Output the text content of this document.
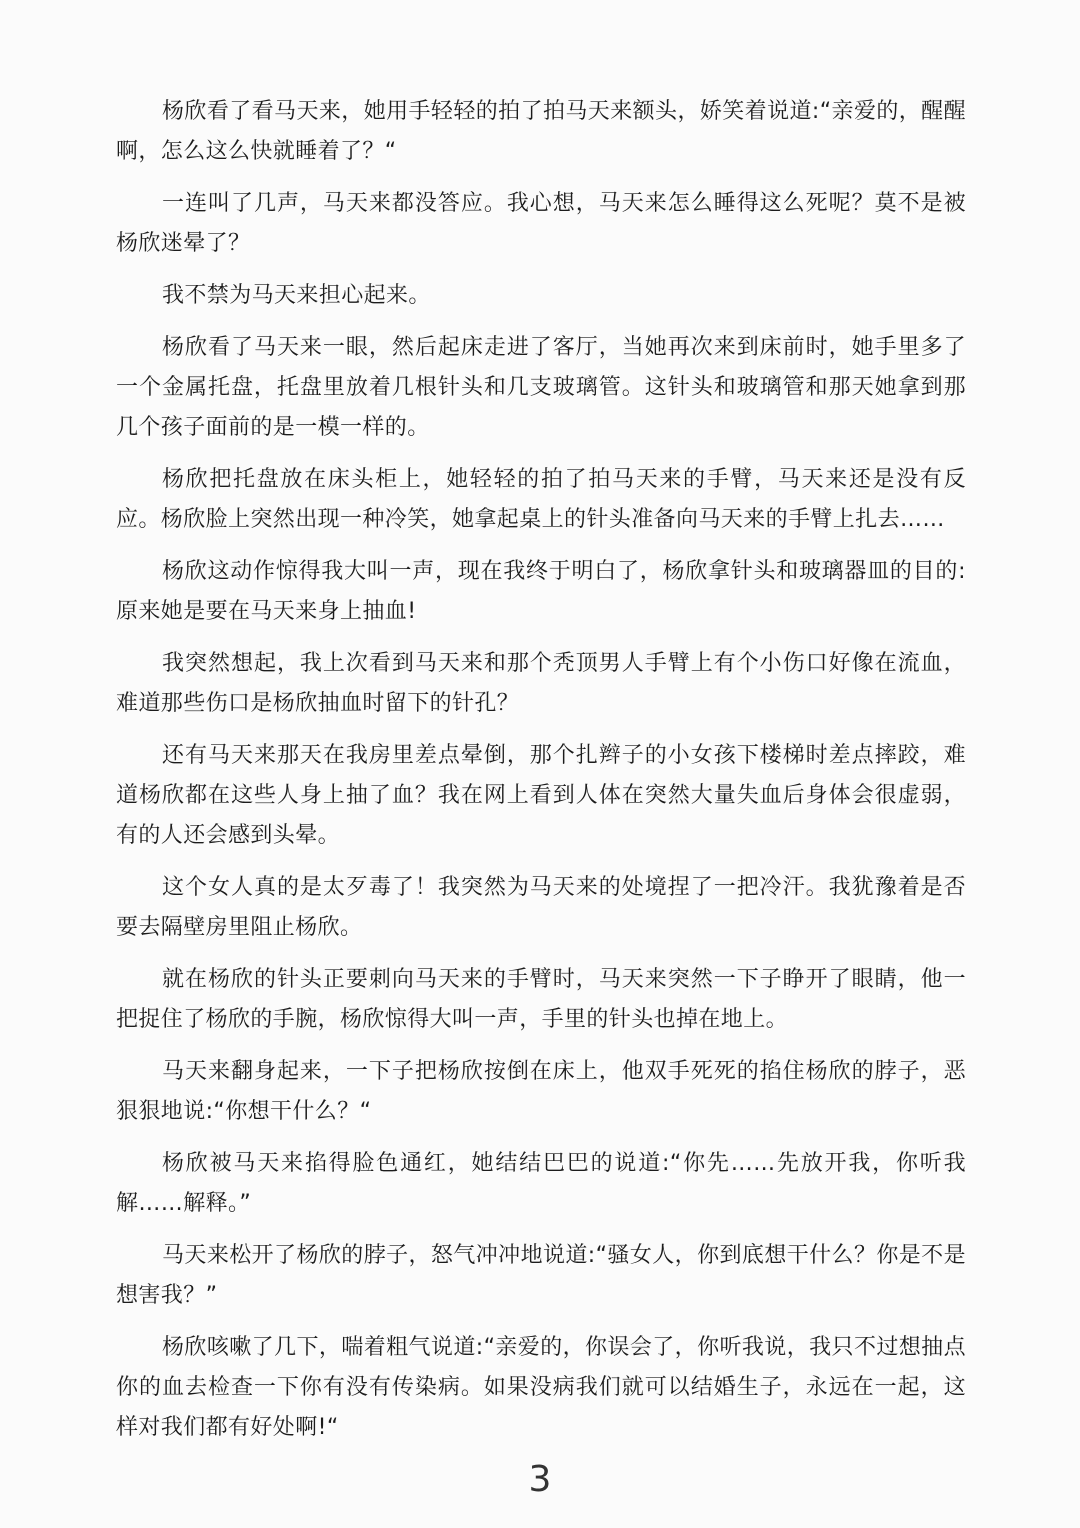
杨欣看了看马天来，她用手轻轻的拍了拍马天来额头，娇笑着说道:“亲爱的，醒醒啊，怎么这么快就睡着了？“

一连叫了几声，马天来都没答应。我心想，马天来怎么睡得这么死呢？莫不是被杨欣迷晕了？

我不禁为马天来担心起来。

杨欣看了马天来一眼，然后起床走进了客厅，当她再次来到床前时，她手里多了一个金属托盘，托盘里放着几根针头和几支玻璃管。这针头和玻璃管和那天她拿到那几个孩子面前的是一模一样的。

杨欣把托盘放在床头柜上，她轻轻的拍了拍马天来的手臂，马天来还是没有反应。杨欣脸上突然出现一种冷笑，她拿起桌上的针头准备向马天来的手臂上扎去……

杨欣这动作惊得我大叫一声，现在我终于明白了，杨欣拿针头和玻璃器皿的目的:原来她是要在马天来身上抽血!

我突然想起，我上次看到马天来和那个秃顶男人手臂上有个小伤口好像在流血，难道那些伤口是杨欣抽血时留下的针孔？

还有马天来那天在我房里差点晕倒，那个扎辫子的小女孩下楼梯时差点摔跤，难道杨欣都在这些人身上抽了血？我在网上看到人体在突然大量失血后身体会很虚弱，有的人还会感到头晕。

这个女人真的是太歹毒了！我突然为马天来的处境捏了一把冷汗。我犹豫着是否要去隔壁房里阻止杨欣。

就在杨欣的针头正要刺向马天来的手臂时，马天来突然一下子睁开了眼睛，他一把捉住了杨欣的手腕，杨欣惊得大叫一声，手里的针头也掉在地上。

马天来翻身起来，一下子把杨欣按倒在床上，他双手死死的掐住杨欣的脖子，恶狠狠地说:“你想干什么？“

杨欣被马天来掐得脸色通红，她结结巴巴的说道:“你先……先放开我，你听我解……解释。”

马天来松开了杨欣的脖子，怒气冲冲地说道:“骚女人，你到底想干什么？你是不是想害我？”

杨欣咳嗽了几下，喘着粗气说道:“亲爱的，你误会了，你听我说，我只不过想抽点你的血去检查一下你有没有传染病。如果没病我们就可以结婚生子，永远在一起，这样对我们都有好处啊!“

3
